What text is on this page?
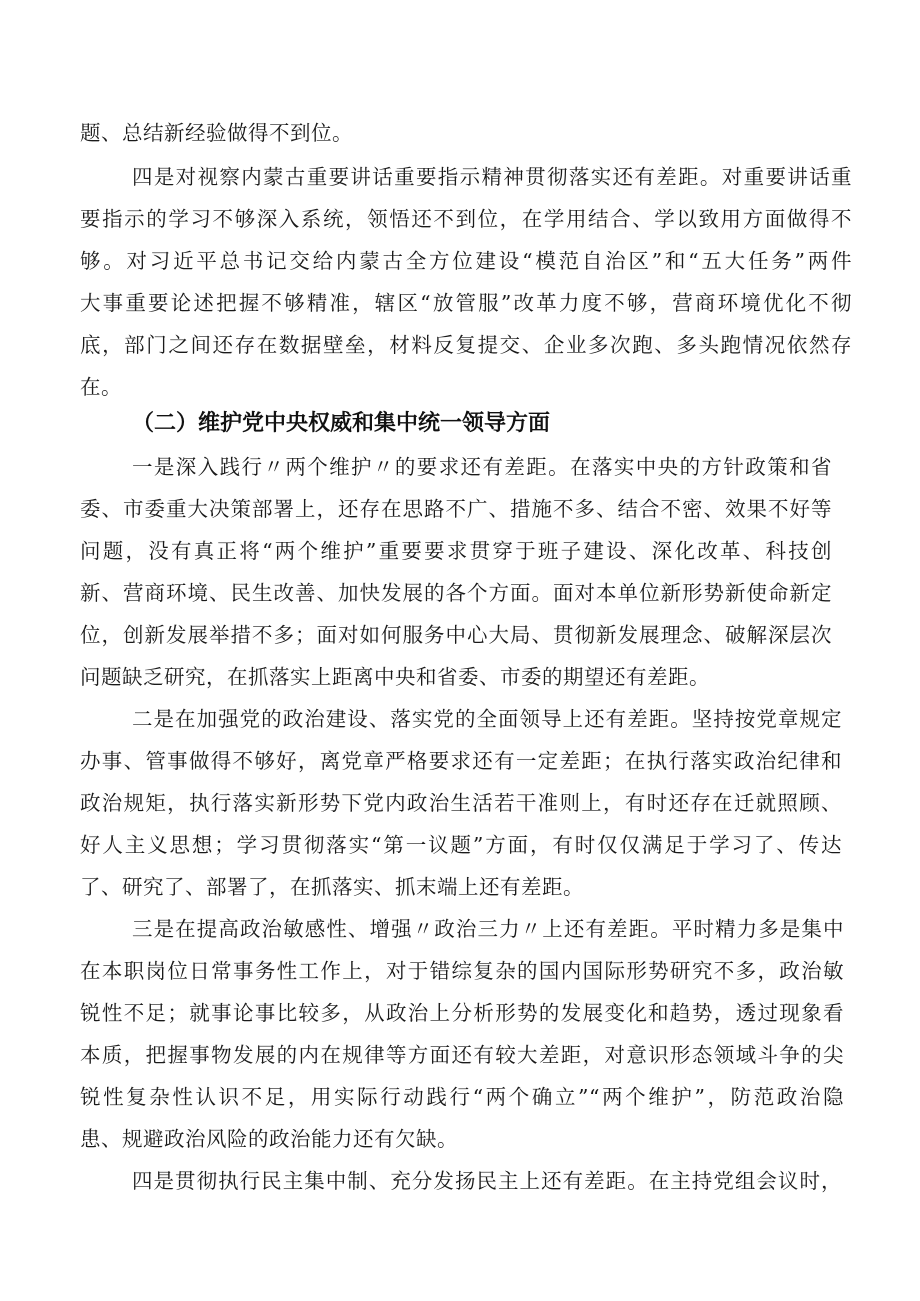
题、总结新经验做得不到位。
四是对视察内蒙古重要讲话重要指示精神贯彻落实还有差距。对重要讲话重
要指示的学习不够深入系统，领悟还不到位，在学用结合、学以致用方面做得不
够。对习近平总书记交给内蒙古全方位建设“模范自治区”和“五大任务”两件
大事重要论述把握不够精准，辖区“放管服”改革力度不够，营商环境优化不彻
底，部门之间还存在数据壁垒，材料反复提交、企业多次跑、多头跑情况依然存
在。
（二）维护党中央权威和集中统一领导方面
一是深入践行〃两个维护〃的要求还有差距。在落实中央的方针政策和省
委、市委重大决策部署上，还存在思路不广、措施不多、结合不密、效果不好等
问题，没有真正将“两个维护”重要要求贯穿于班子建设、深化改革、科技创
新、营商环境、民生改善、加快发展的各个方面。面对本单位新形势新使命新定
位，创新发展举措不多；面对如何服务中心大局、贯彻新发展理念、破解深层次
问题缺乏研究，在抓落实上距离中央和省委、市委的期望还有差距。
二是在加强党的政治建设、落实党的全面领导上还有差距。坚持按党章规定
办事、管事做得不够好，离党章严格要求还有一定差距；在执行落实政治纪律和
政治规矩，执行落实新形势下党内政治生活若干准则上，有时还存在迁就照顾、
好人主义思想；学习贯彻落实“第一议题”方面，有时仅仅满足于学习了、传达
了、研究了、部署了，在抓落实、抓末端上还有差距。
三是在提高政治敏感性、增强〃政治三力〃上还有差距。平时精力多是集中
在本职岗位日常事务性工作上，对于错综复杂的国内国际形势研究不多，政治敏
锐性不足；就事论事比较多，从政治上分析形势的发展变化和趋势，透过现象看
本质，把握事物发展的内在规律等方面还有较大差距，对意识形态领域斗争的尖
锐性复杂性认识不足，用实际行动践行“两个确立”“两个维护”，防范政治隐
患、规避政治风险的政治能力还有欠缺。
四是贯彻执行民主集中制、充分发扬民主上还有差距。在主持党组会议时，
